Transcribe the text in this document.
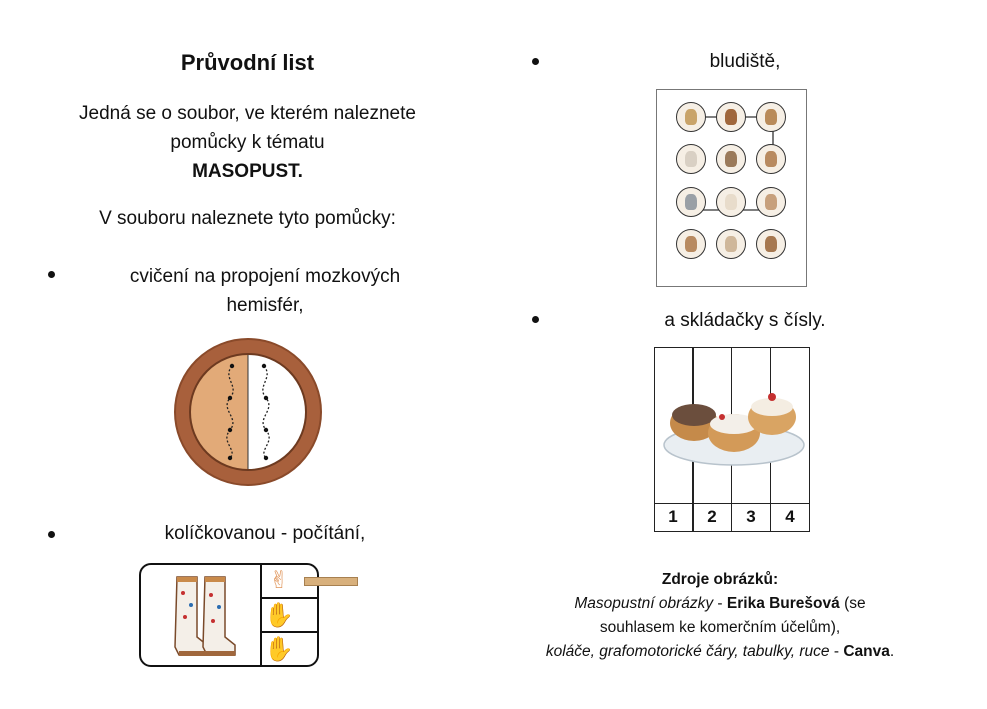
Průvodní list
Jedná se o soubor, ve kterém naleznete
pomůcky k tématu
MASOPUST.
V souboru naleznete tyto pomůcky:
cvičení na propojení mozkových
hemisfér,
kolíčkovanou - počítání,
✌
✋
✋
bludiště,
a skládačky s čísly.
1	2	3	4
Zdroje obrázků:
Masopustní obrázky - Erika Burešová (se
souhlasem ke komerčním účelům),
koláče, grafomotorické čáry, tabulky, ruce - Canva.
